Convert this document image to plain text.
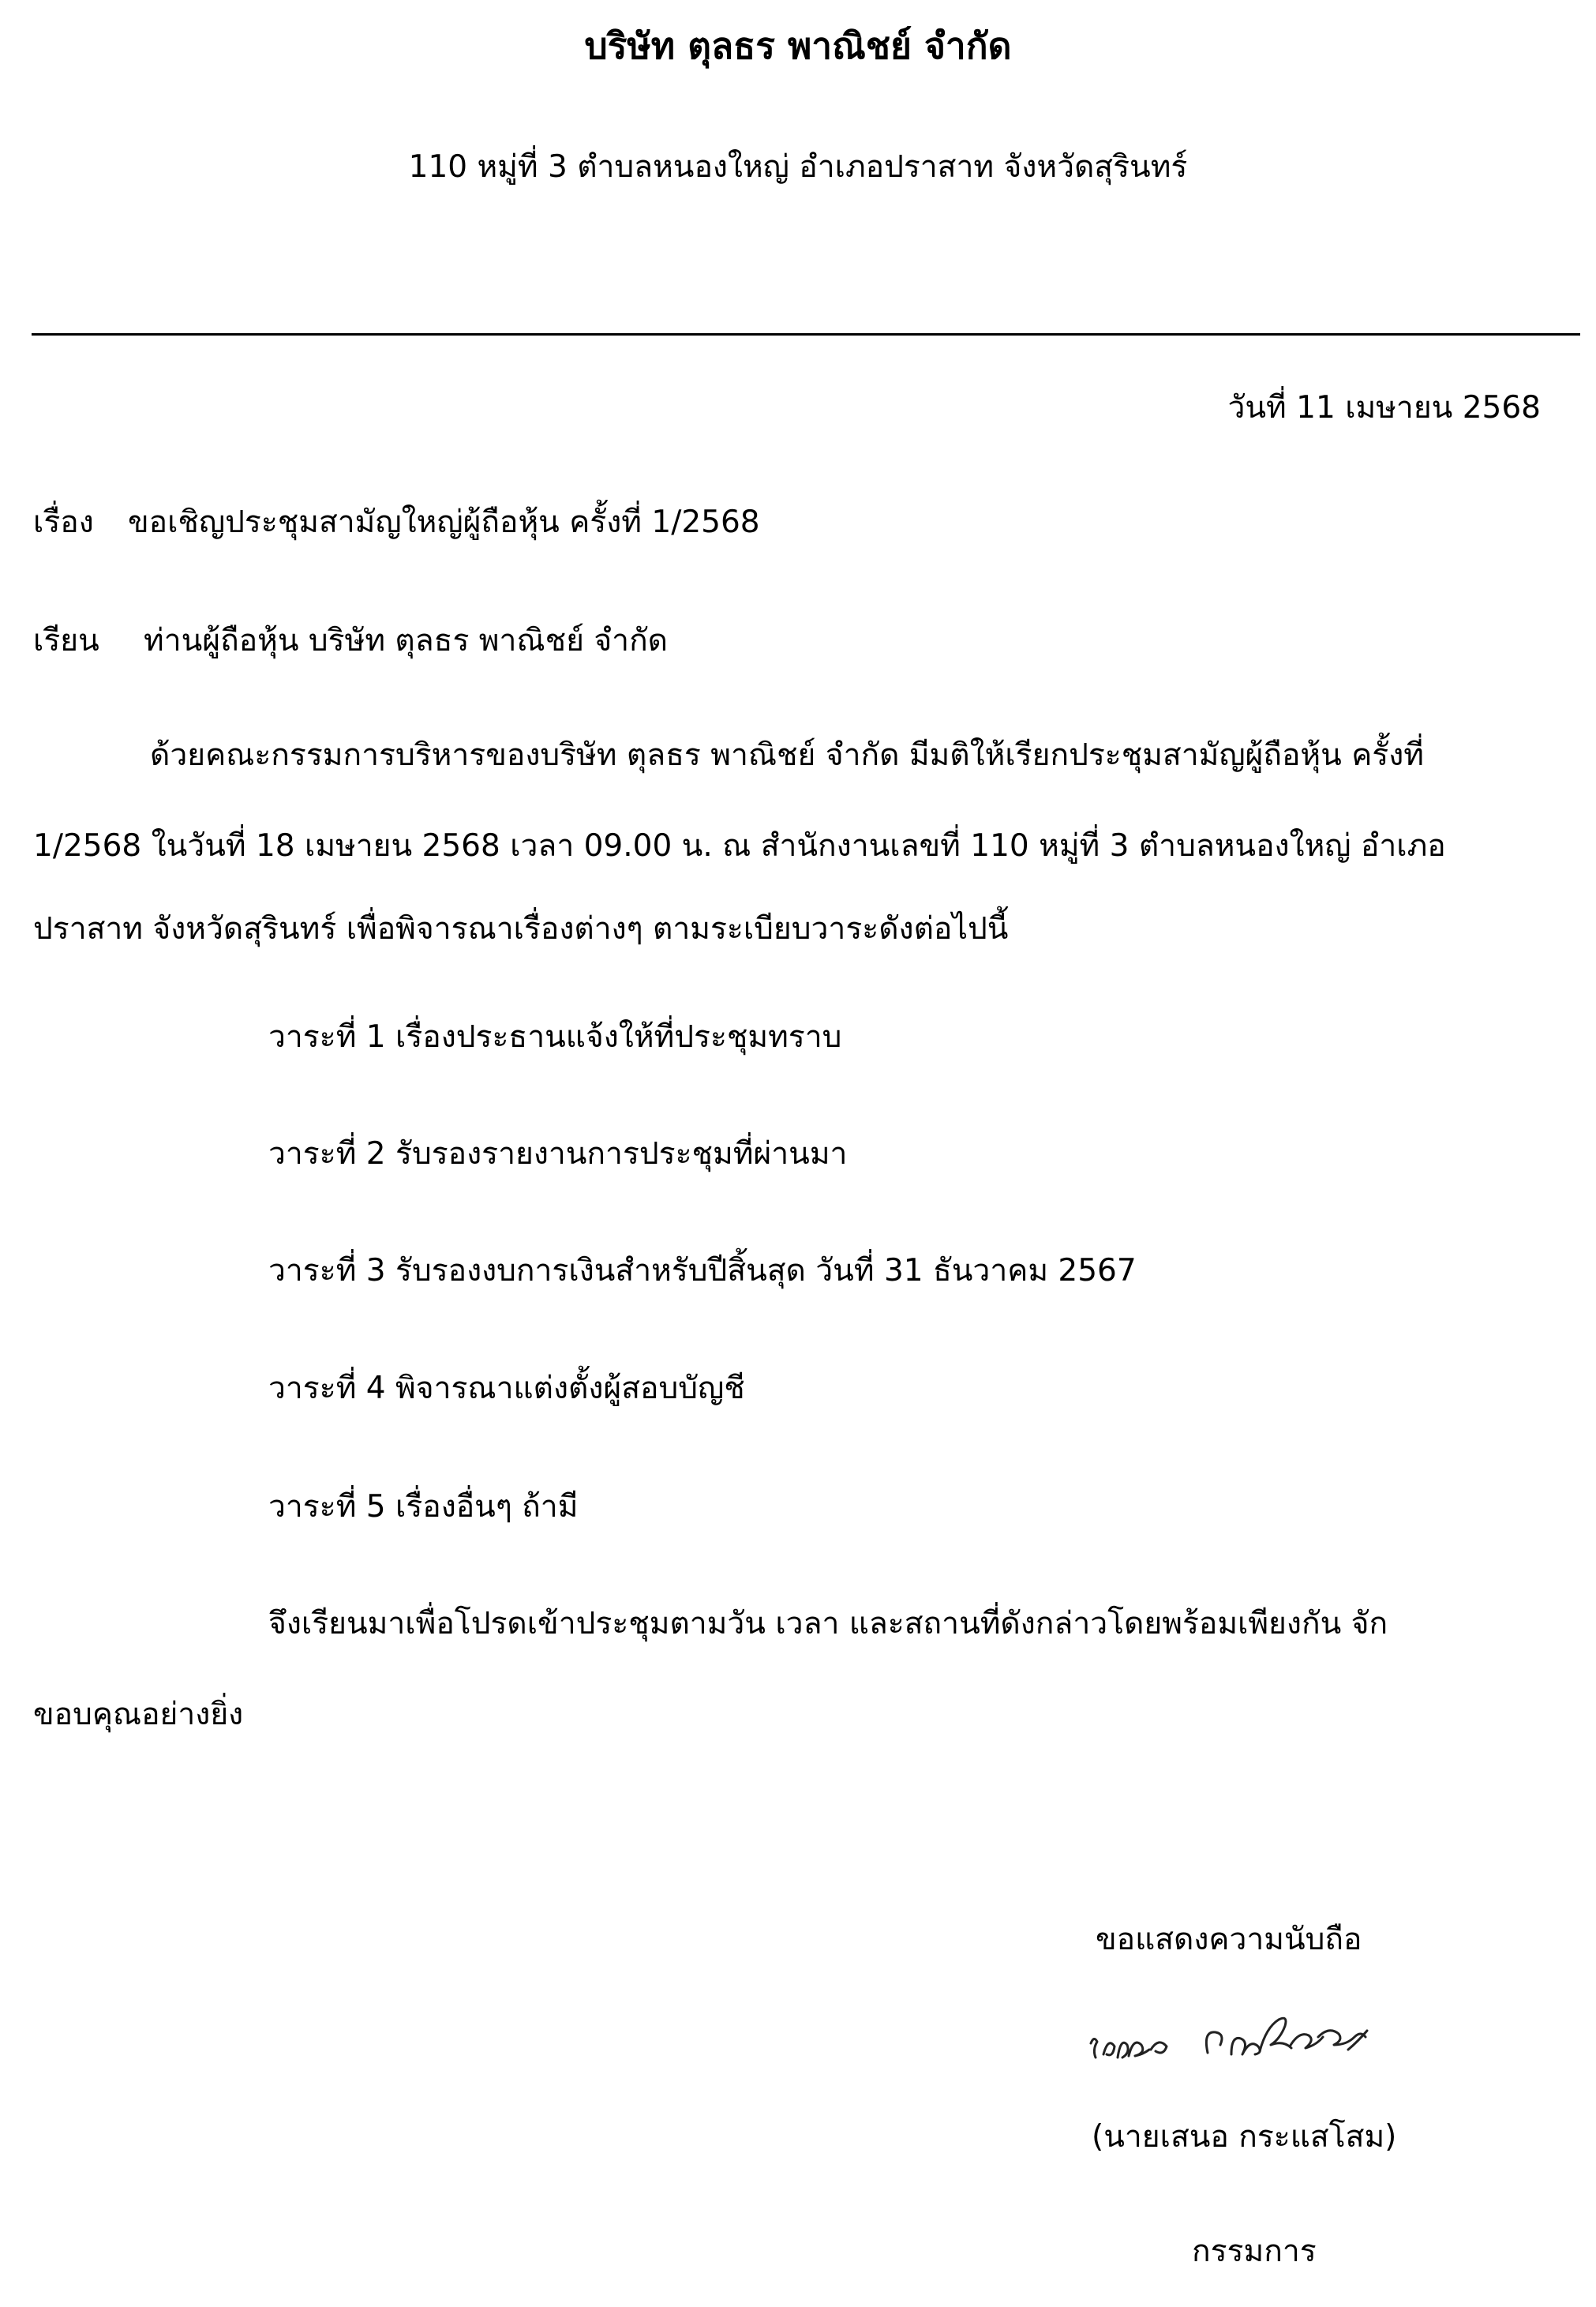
บริษัท ตุลธร พาณิชย์ จำกัด
110 หมู่ที่ 3 ตำบลหนองใหญ่ อำเภอปราสาท จังหวัดสุรินทร์
วันที่ 11 เมษายน 2568
เรื่อง ขอเชิญประชุมสามัญใหญ่ผู้ถือหุ้น ครั้งที่ 1/2568
เรียน ท่านผู้ถือหุ้น บริษัท ตุลธร พาณิชย์ จำกัด
ด้วยคณะกรรมการบริหารของบริษัท ตุลธร พาณิชย์ จำกัด มีมติให้เรียกประชุมสามัญผู้ถือหุ้น ครั้งที่
1/2568 ในวันที่ 18 เมษายน 2568 เวลา 09.00 น. ณ สำนักงานเลขที่ 110 หมู่ที่ 3 ตำบลหนองใหญ่ อำเภอ
ปราสาท จังหวัดสุรินทร์ เพื่อพิจารณาเรื่องต่างๆ ตามระเบียบวาระดังต่อไปนี้
วาระที่ 1 เรื่องประธานแจ้งให้ที่ประชุมทราบ
วาระที่ 2 รับรองรายงานการประชุมที่ผ่านมา
วาระที่ 3 รับรองงบการเงินสำหรับปีสิ้นสุด วันที่ 31 ธันวาคม 2567
วาระที่ 4 พิจารณาแต่งตั้งผู้สอบบัญชี
วาระที่ 5 เรื่องอื่นๆ ถ้ามี
จึงเรียนมาเพื่อโปรดเข้าประชุมตามวัน เวลา และสถานที่ดังกล่าวโดยพร้อมเพียงกัน จัก
ขอบคุณอย่างยิ่ง
ขอแสดงความนับถือ
(นายเสนอ กระแสโสม)
กรรมการ
